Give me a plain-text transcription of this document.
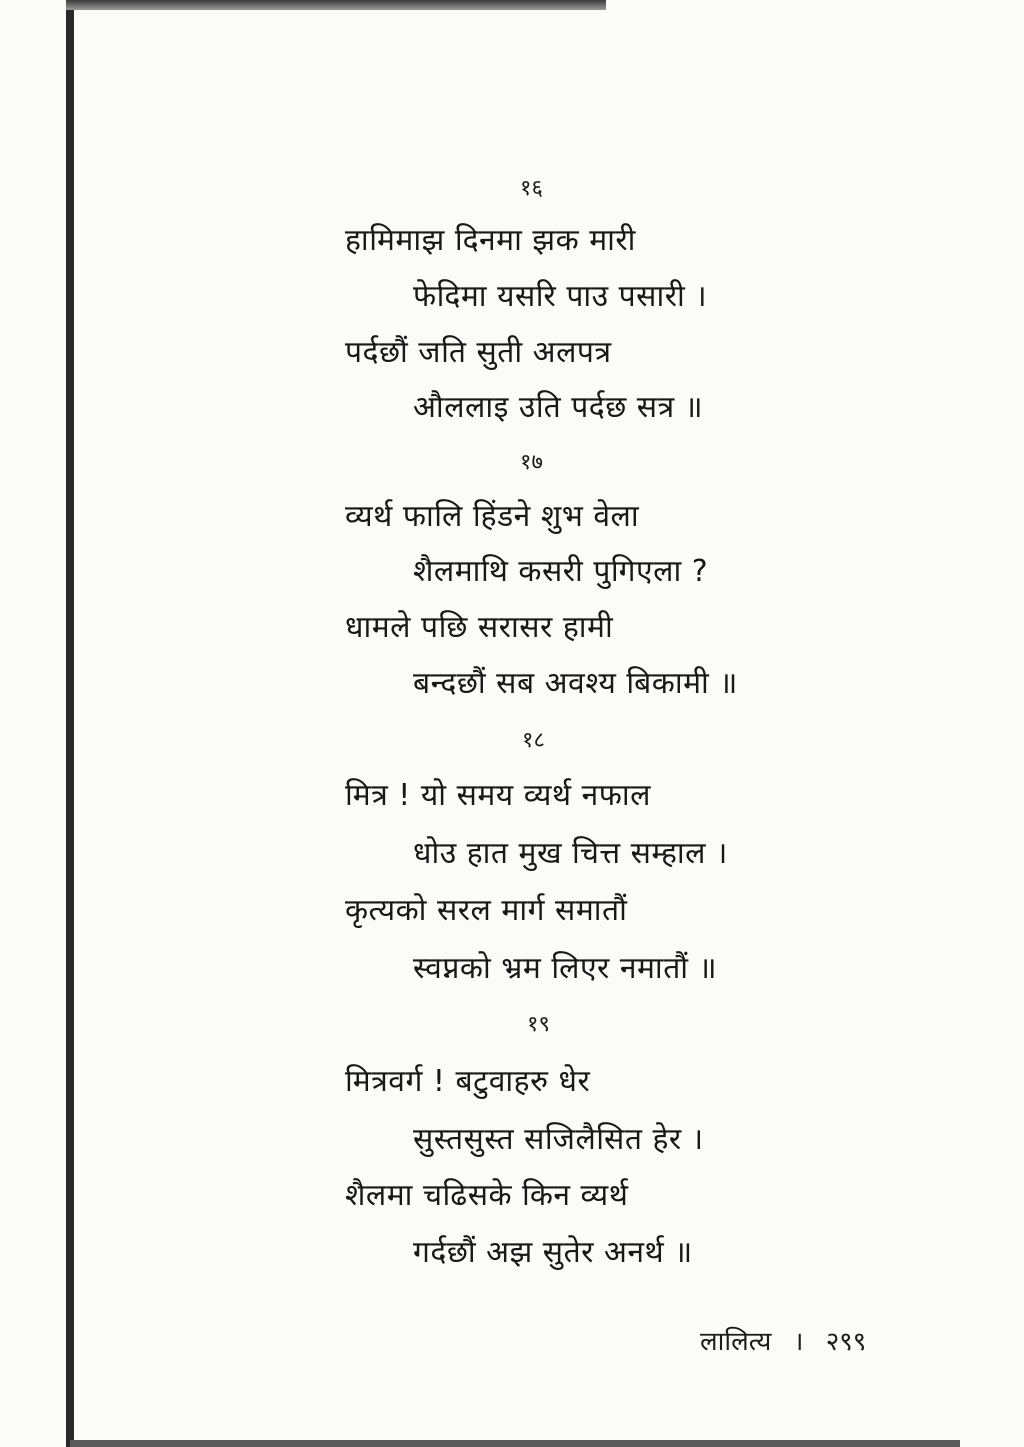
१६
हामिमाझ दिनमा झक मारी
फेदिमा यसरि पाउ पसारी ।
पर्दछौं जति सुती अलपत्र
औललाइ उति पर्दछ सत्र ॥
१७
व्यर्थ फालि हिंडने शुभ वेला
शैलमाथि कसरी पुगिएला ?
धामले पछि सरासर हामी
बन्दछौं सब अवश्य बिकामी ॥
१८
मित्र ! यो समय व्यर्थ नफाल
धोउ हात मुख चित्त सम्हाल ।
कृत्यको सरल मार्ग समातौं
स्वप्नको भ्रम लिएर नमातौं ॥
१९
मित्रवर्ग ! बटुवाहरु धेर
सुस्तसुस्त सजिलैसित हेर ।
शैलमा चढिसके किन व्यर्थ
गर्दछौं अझ सुतेर अनर्थ ॥
लालित्य । २९९
